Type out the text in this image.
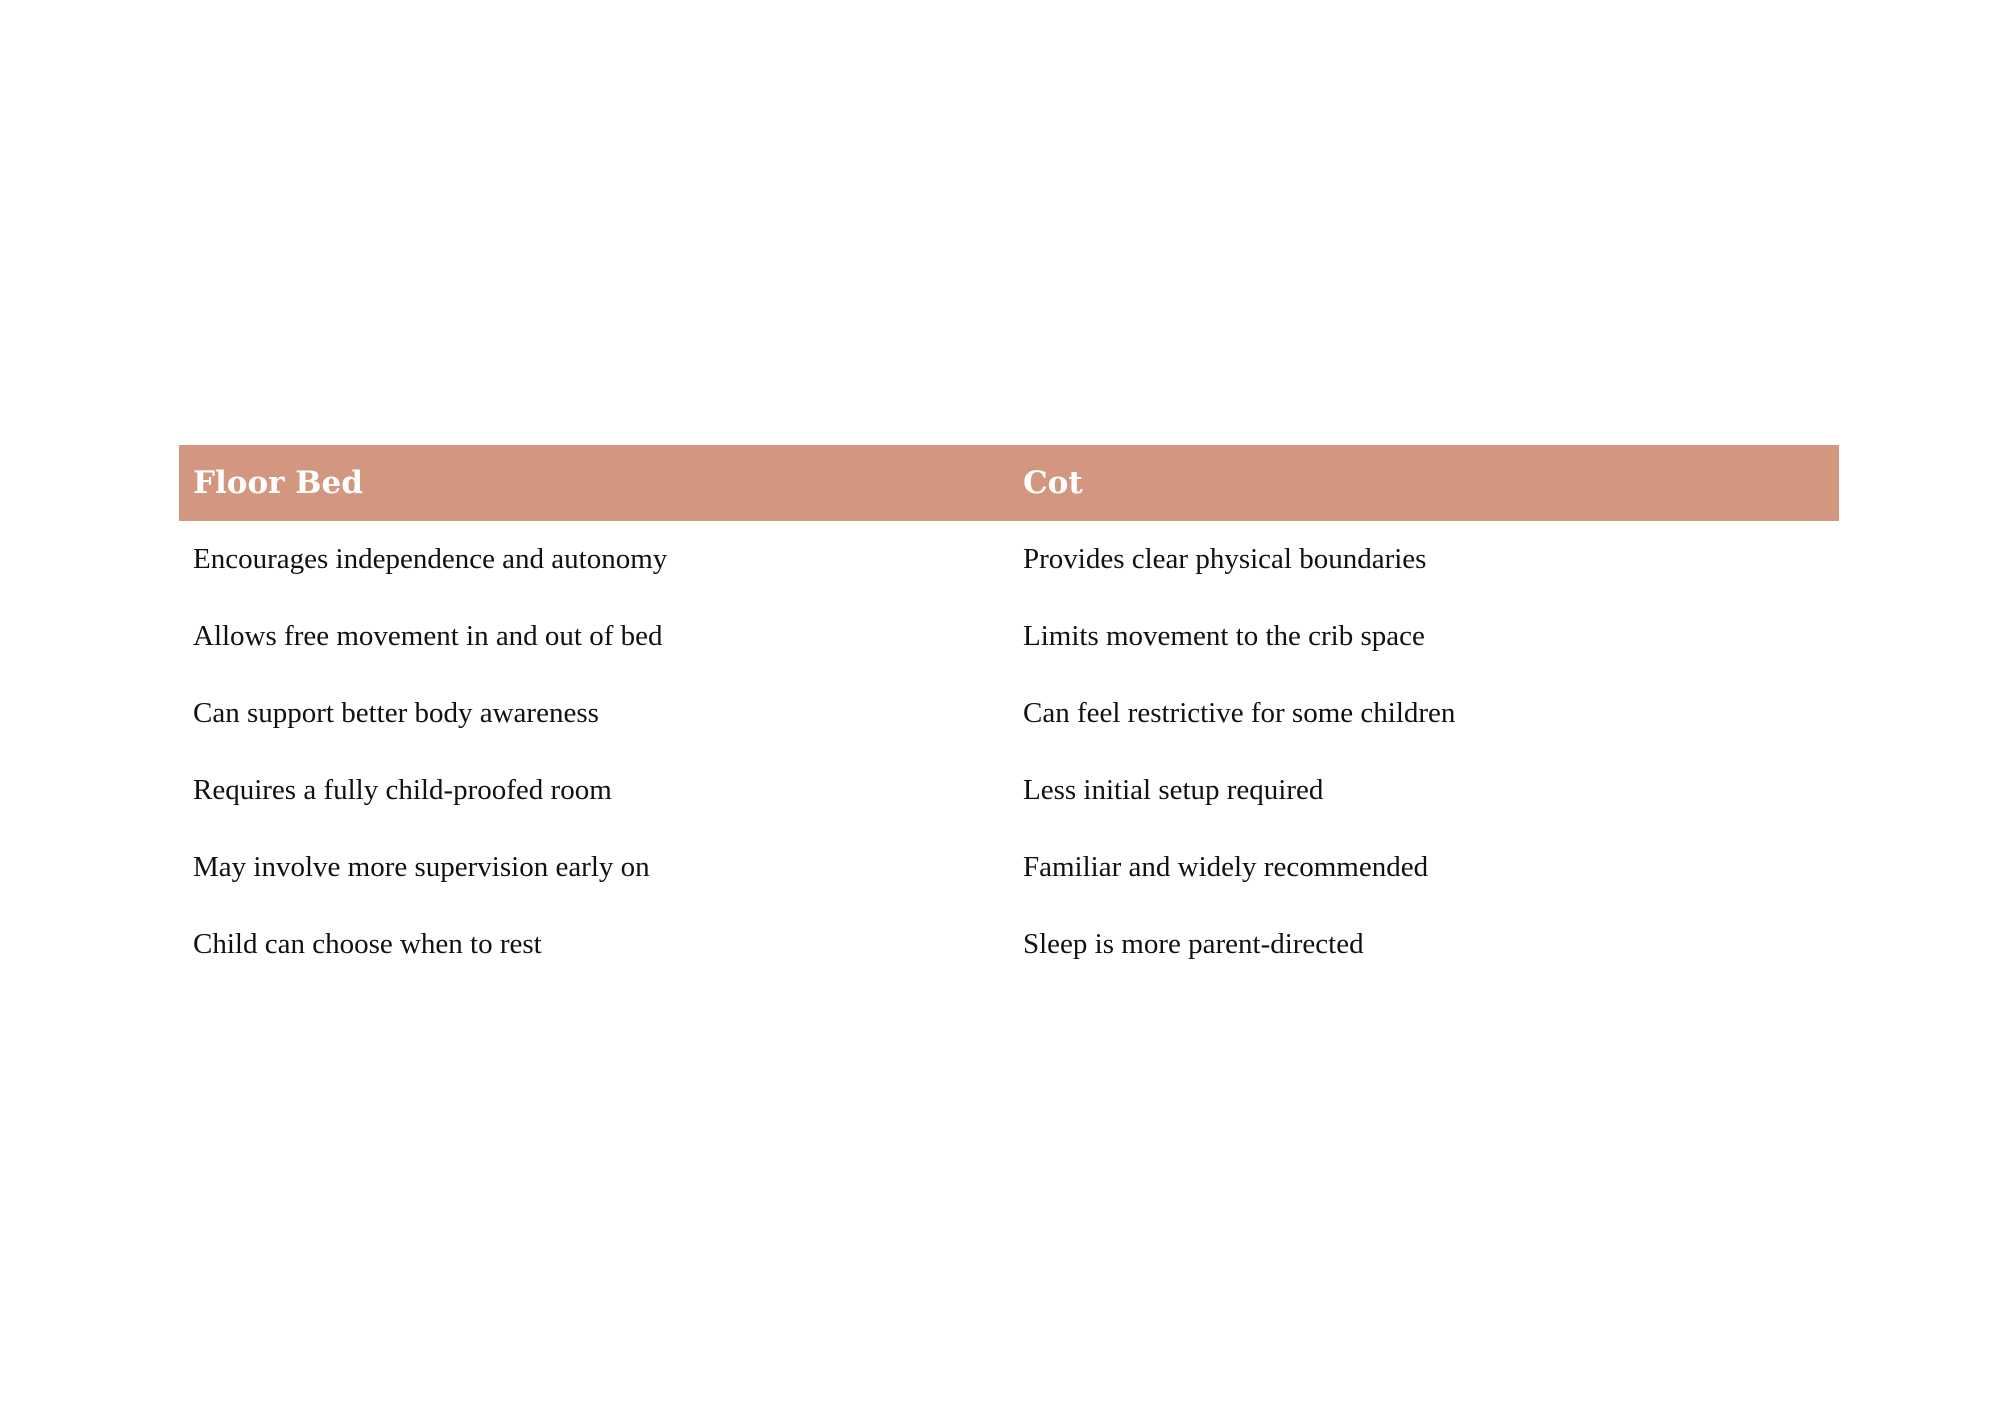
Floor Bed	Cot
Encourages independence and autonomy	Provides clear physical boundaries
Allows free movement in and out of bed	Limits movement to the crib space
Can support better body awareness	Can feel restrictive for some children
Requires a fully child-proofed room	Less initial setup required
May involve more supervision early on	Familiar and widely recommended
Child can choose when to rest	Sleep is more parent-directed
